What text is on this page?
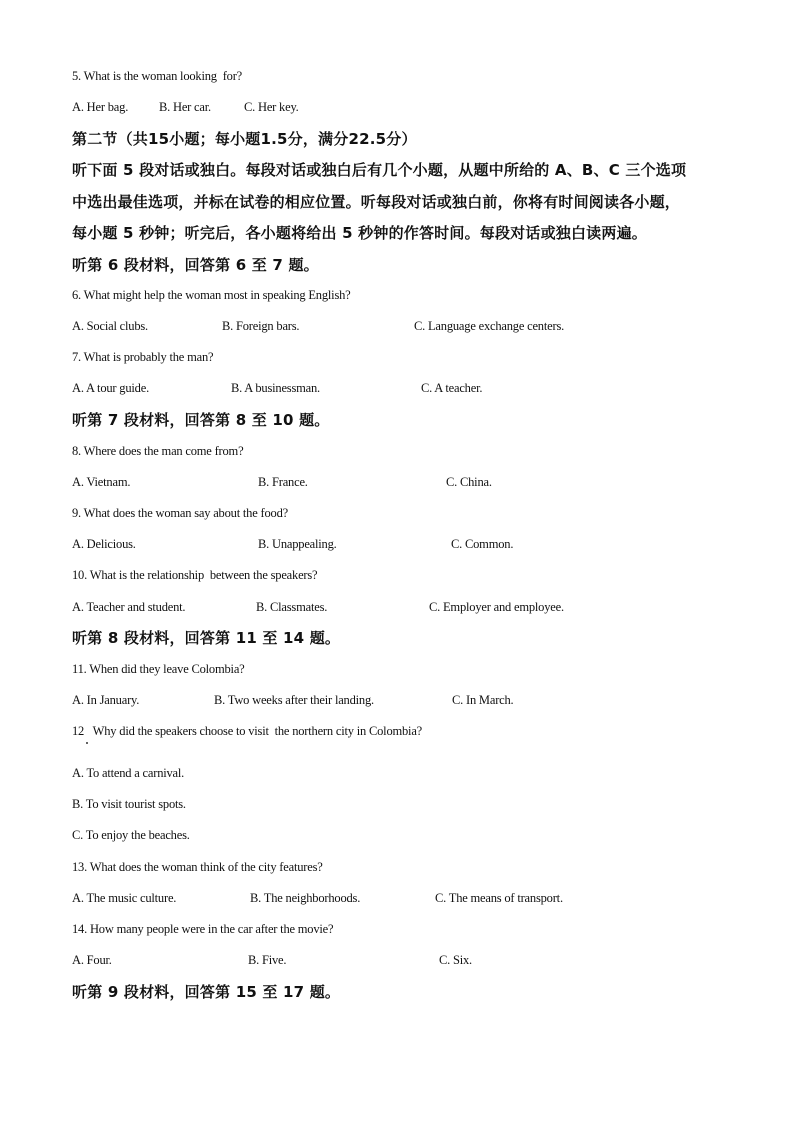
5. What is the woman looking  for?
A. Her bag. B. Her car.	C. Her key.
第二节（共15小题；每小题1.5分，满分22.5分）
听下面 5 段对话或独白。每段对话或独白后有几个小题，从题中所给的 A、B、C 三个选项
中选出最佳选项，并标在试卷的相应位置。听每段对话或独白前，你将有时间阅读各小题，
每小题 5 秒钟；听完后，各小题将给出 5 秒钟的作答时间。每段对话或独白读两遍。
听第 6 段材料，回答第 6 至 7 题。
6. What might help the woman most in speaking English?
A. Social clubs.	B. Foreign bars.	C. Language exchange centers.
7. What is probably the man?
A. A tour guide.	B. A businessman.	C. A teacher.
听第 7 段材料，回答第 8 至 10 题。
8. Where does the man come from?
A. Vietnam.	B. France.	C. China.
9. What does the woman say about the food?
A. Delicious.	B. Unappealing.	C. Common.
10. What is the relationship  between the speakers?
A. Teacher and student.	B. Classmates.	C. Employer and employee.
听第 8 段材料，回答第 11 至 14 题。
11. When did they leave Colombia?
A. In January.	B. Two weeks after their landing.	C. In March.
12   Why did the speakers choose to visit  the northern city in Colombia?
A. To attend a carnival.
B. To visit tourist spots.
C. To enjoy the beaches.
13. What does the woman think of the city features?
A. The music culture.	B. The neighborhoods.	C. The means of transport.
14. How many people were in the car after the movie?
A. Four.	B. Five.	C. Six.
听第 9 段材料，回答第 15 至 17 题。
